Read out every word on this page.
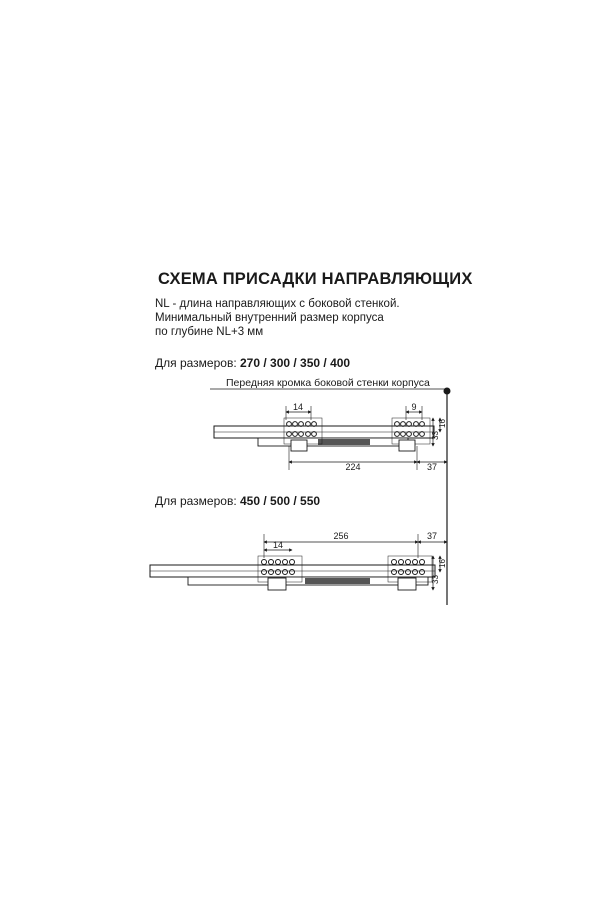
СХЕМА ПРИСАДКИ НАПРАВЛЯЮЩИХ
NL - длина направляющих с боковой стенкой.
Минимальный внутренний размер корпуса
по глубине NL+3 мм
Для размеров: 270 / 300 / 350 / 400
Передняя кромка боковой стенки корпуса
Для размеров: 450 / 500 / 550
14	9
224	37
33
16
256	37
14
33
16
